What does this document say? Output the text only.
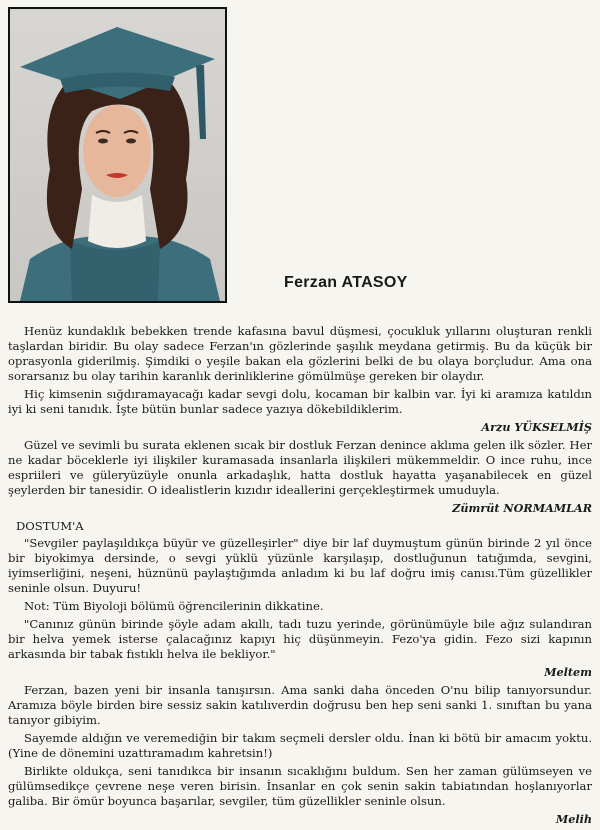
Ferzan ATASOY

Henüz kundaklık bebekken trende kafasına bavul düşmesi, çocukluk yıllarını oluşturan renkli taşlardan biridir. Bu olay sadece Ferzan'ın gözlerinde şaşılık meydana getirmiş. Bu da küçük bir oprasyonla giderilmiş. Şimdiki o yeşile bakan ela gözlerini belki de bu olaya borçludur. Ama ona sorarsanız bu olay tarihin karanlık derinliklerine gömülmüşe gereken bir olaydır.

Hiç kimsenin sığdıramayacağı kadar sevgi dolu, kocaman bir kalbin var. İyi ki aramıza katıldın iyi ki seni tanıdık. İşte bütün bunlar sadece yazıya dökebildiklerim.

Arzu YÜKSELMİŞ

Güzel ve sevimli bu surata eklenen sıcak bir dostluk Ferzan denince aklıma gelen ilk sözler. Her ne kadar böceklerle iyi ilişkiler kuramasada insanlarla ilişkileri mükemmeldir. O ince ruhu, ince espriileri ve güleryüzüyle onunla arkadaşlık, hatta dostluk hayatta yaşanabilecek en güzel şeylerden bir tanesidir. O idealistlerin kızıdır ideallerini gerçekleştirmek umuduyla.

Zümrüt NORMAMLAR
DOSTUM'A

"Sevgiler paylaşıldıkça büyür ve güzelleşirler" diye bir laf duymuştum günün birinde 2 yıl önce bir biyokimya dersinde, o sevgi yüklü yüzünle karşılaşıp, dostluğunun tatığımda, sevgini, iyimserliğini, neşeni, hüznünü paylaştığımda anladım ki bu laf doğru imiş canısı.Tüm güzellikler seninle olsun. Duyuru!

Not: Tüm Biyoloji bölümü öğrencilerinin dikkatine.

"Canınız günün birinde şöyle adam akıllı, tadı tuzu yerinde, görünümüyle bile ağız sulandıran bir helva yemek isterse çalacağınız kapıyı hiç düşünmeyin. Fezo'ya gidin. Fezo sizi kapının arkasında bir tabak fıstıklı helva ile bekliyor."

Meltem

Ferzan, bazen yeni bir insanla tanışırsın. Ama sanki daha önceden O'nu bilip tanıyorsundur. Aramıza böyle birden bire sessiz sakin katılıverdin doğrusu ben hep seni sanki 1. sınıftan bu yana tanıyor gibiyim.

Sayemde aldığın ve veremediğin bir takım seçmeli dersler oldu. İnan ki bötü bir amacım yoktu. (Yine de dönemini uzattıramadım kahretsin!)

Birlikte oldukça, seni tanıdıkca bir insanın sıcaklığını buldum. Sen her zaman gülümseyen ve gülümsedikçe çevrene neşe veren birisin. İnsanlar en çok senin sakin tabiatından hoşlanıyorlar galiba. Bir ömür boyunca başarılar, sevgiler, tüm güzellikler seninle olsun.

Melih
